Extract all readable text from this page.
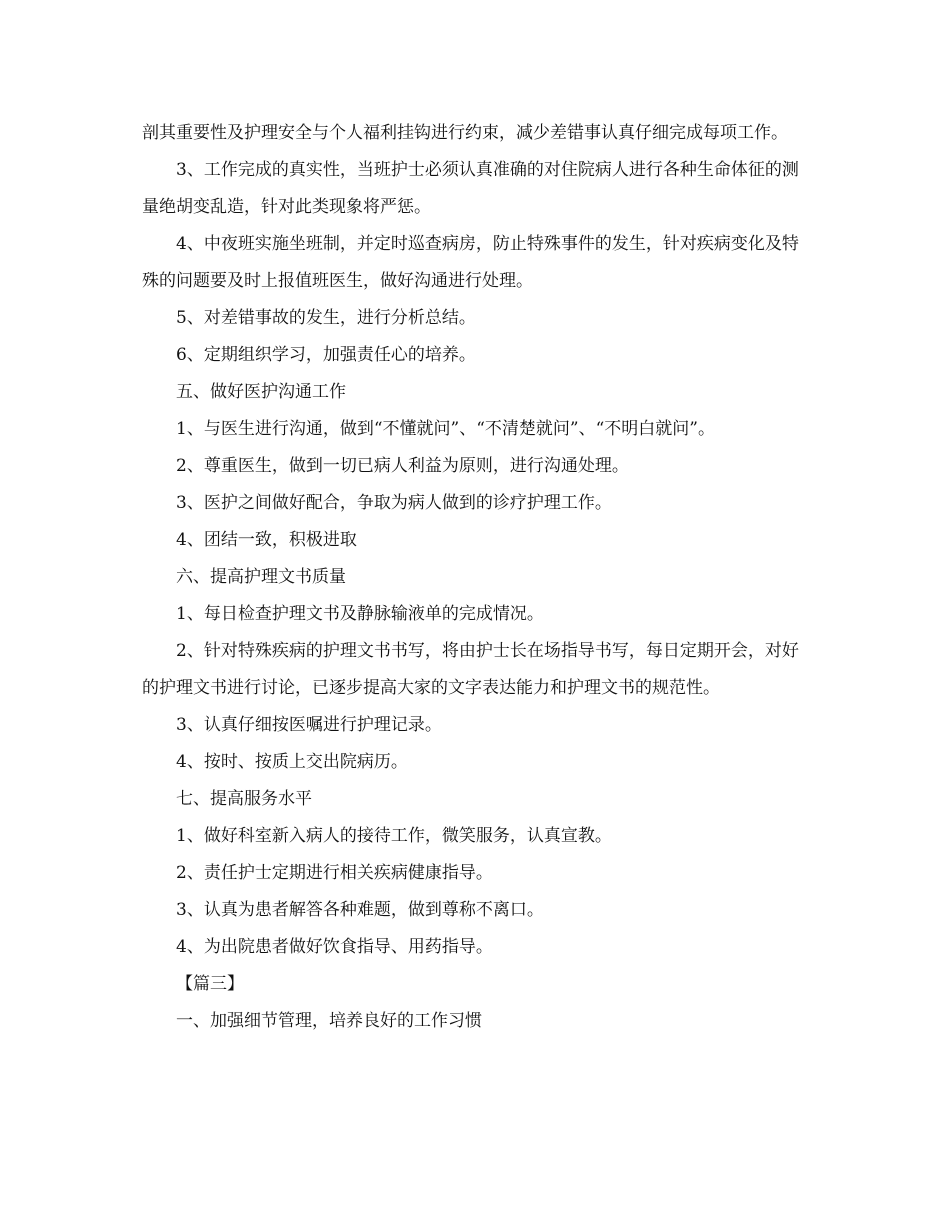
剖其重要性及护理安全与个人福利挂钩进行约束，减少差错事认真仔细完成每项工作。

3、工作完成的真实性，当班护士必须认真准确的对住院病人进行各种生命体征的测量绝胡变乱造，针对此类现象将严惩。

4、中夜班实施坐班制，并定时巡查病房，防止特殊事件的发生，针对疾病变化及特殊的问题要及时上报值班医生，做好沟通进行处理。

5、对差错事故的发生，进行分析总结。

6、定期组织学习，加强责任心的培养。

五、做好医护沟通工作

1、与医生进行沟通，做到“不懂就问”、“不清楚就问”、“不明白就问”。

2、尊重医生，做到一切已病人利益为原则，进行沟通处理。

3、医护之间做好配合，争取为病人做到的诊疗护理工作。

4、团结一致，积极进取

六、提高护理文书质量

1、每日检查护理文书及静脉输液单的完成情况。

2、针对特殊疾病的护理文书书写，将由护士长在场指导书写，每日定期开会，对好的护理文书进行讨论，已逐步提高大家的文字表达能力和护理文书的规范性。

3、认真仔细按医嘱进行护理记录。

4、按时、按质上交出院病历。

七、提高服务水平

1、做好科室新入病人的接待工作，微笑服务，认真宣教。

2、责任护士定期进行相关疾病健康指导。

3、认真为患者解答各种难题，做到尊称不离口。

4、为出院患者做好饮食指导、用药指导。

【篇三】

一、加强细节管理，培养良好的工作习惯
